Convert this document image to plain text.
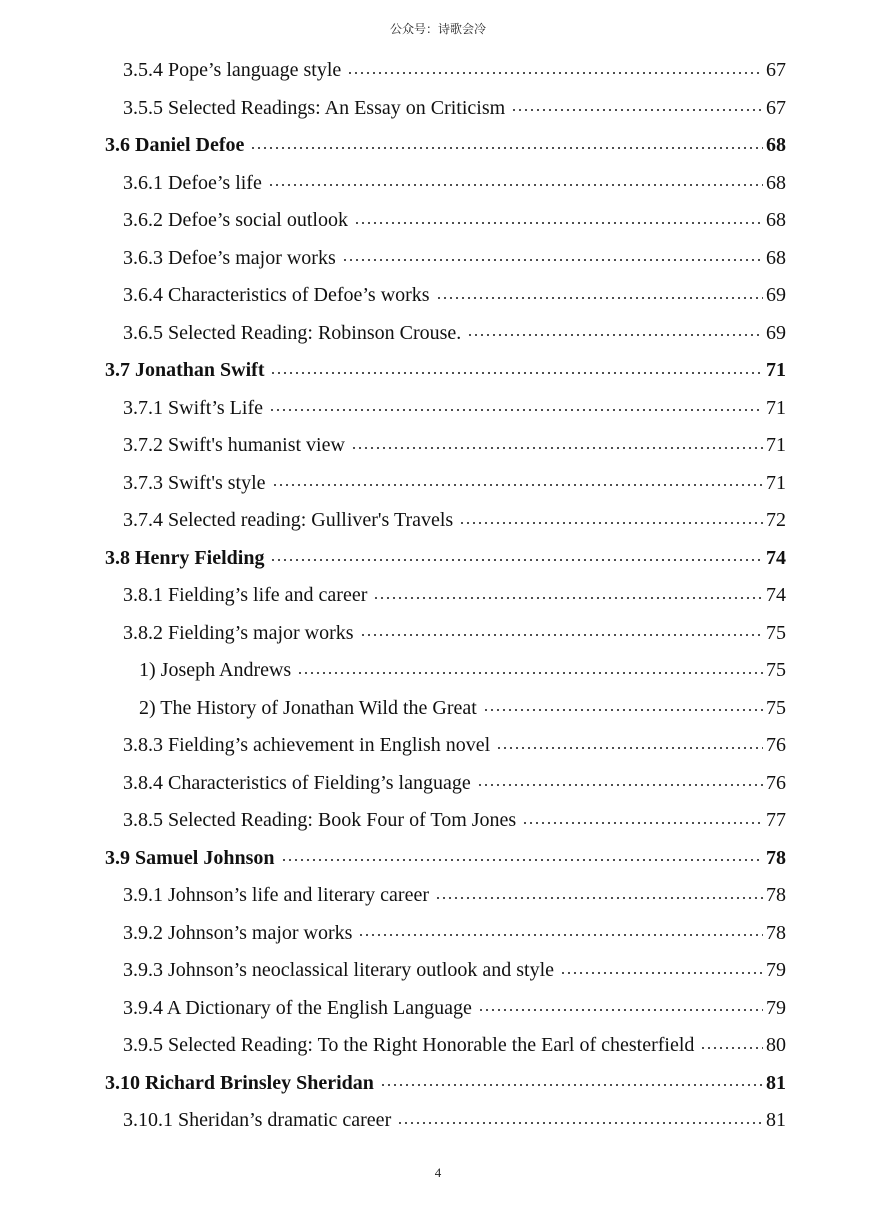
公众号：诗歌会冷
3.5.4 Pope’s language style	67
3.5.5 Selected Readings: An Essay on Criticism	67
3.6 Daniel Defoe	68
3.6.1 Defoe’s life	68
3.6.2 Defoe’s social outlook	68
3.6.3 Defoe’s major works	68
3.6.4 Characteristics of Defoe’s works	69
3.6.5 Selected Reading: Robinson Crouse.	69
3.7 Jonathan Swift	71
3.7.1 Swift’s Life	71
3.7.2 Swift's humanist view	71
3.7.3 Swift's style	71
3.7.4 Selected reading: Gulliver's Travels	72
3.8 Henry Fielding	74
3.8.1 Fielding’s life and career	74
3.8.2 Fielding’s major works	75
1) Joseph Andrews	75
2) The History of Jonathan Wild the Great	75
3.8.3 Fielding’s achievement in English novel	76
3.8.4 Characteristics of Fielding’s language	76
3.8.5 Selected Reading: Book Four of Tom Jones	77
3.9 Samuel Johnson	78
3.9.1 Johnson’s life and literary career	78
3.9.2 Johnson’s major works	78
3.9.3 Johnson’s neoclassical literary outlook and style	79
3.9.4 A Dictionary of the English Language	79
3.9.5 Selected Reading: To the Right Honorable the Earl of chesterfield	80
3.10 Richard Brinsley Sheridan	81
3.10.1 Sheridan’s dramatic career	81
4
